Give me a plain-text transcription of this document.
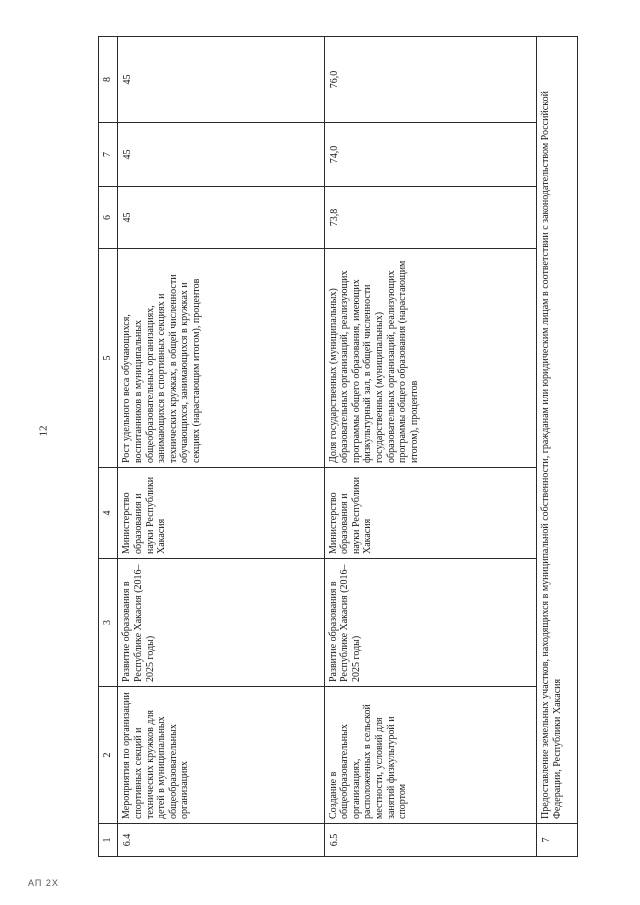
12
1	2	3	4	5	6	7	8
6.4	Мероприятия по организации спортивных секций и технических кружков для детей в муниципальных общеобразовательных организациях	Развитие образования в Республике Хакасия (2016–2025 годы)	Министерство образования и науки Республики Хакасия	Рост удельного веса обучающихся, воспитанников в муниципальных общеобразовательных организациях, занимающихся в спортивных секциях и технических кружках, в общей численности обучающихся, занимающихся в кружках и секциях (нарастающим итогом), процентов	45	45	45
6.5	Создание в общеобразовательных организациях, расположенных в сельской местности, условий для занятий физкультурой и спортом	Развитие образования в Республике Хакасия (2016–2025 годы)	Министерство образования и науки Республики Хакасия	Доля государственных (муниципальных) образовательных организаций, реализующих программы общего образования, имеющих физкультурный зал, в общей численности государственных (муниципальных) образовательных организаций, реализующих программы общего образования (нарастающим итогом), процентов	73,8	74,0	76,0
7	Предоставление земельных участков, находящихся в муниципальной собственности, гражданам или юридическим лицам в соответствии с законодательством Российской Федерации, Республики Хакасия						
АП 2Х
